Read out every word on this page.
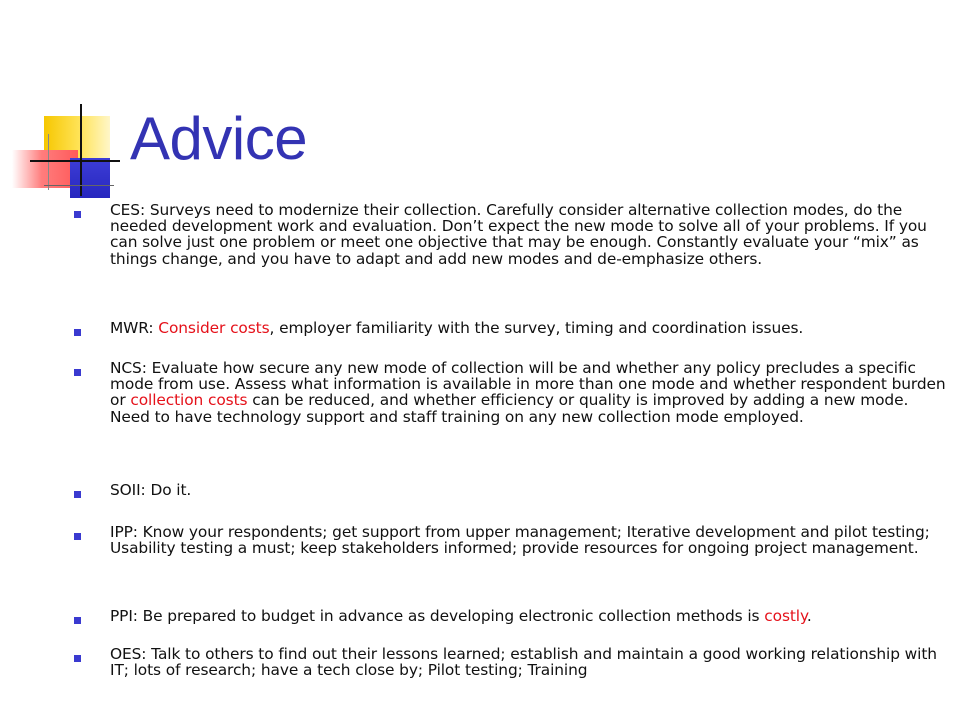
Advice
CES: Surveys need to modernize their collection. Carefully consider alternative collection modes, do the needed development work and evaluation. Don’t expect the new mode to solve all of your problems. If you can solve just one problem or meet one objective that may be enough. Constantly evaluate your “mix” as things change, and you have to adapt and add new modes and de-emphasize others.
MWR: Consider costs, employer familiarity with the survey, timing and coordination issues.
NCS: Evaluate how secure any new mode of collection will be and whether any policy precludes a specific mode from use. Assess what information is available in more than one mode and whether respondent burden or collection costs can be reduced, and whether efficiency or quality is improved by adding a new mode. Need to have technology support and staff training on any new collection mode employed.
SOII: Do it.
IPP: Know your respondents; get support from upper management; Iterative development and pilot testing; Usability testing a must; keep stakeholders informed; provide resources for ongoing project management.
PPI: Be prepared to budget in advance as developing electronic collection methods is costly.
OES: Talk to others to find out their lessons learned; establish and maintain a good working relationship with IT; lots of research; have a tech close by; Pilot testing; Training
